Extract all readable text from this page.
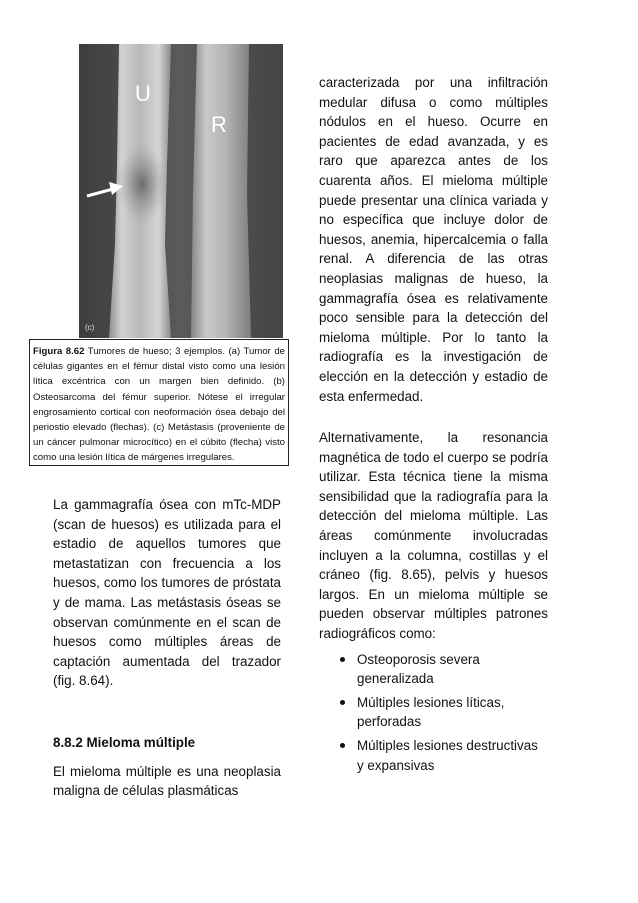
U
R
(c)
Figura 8.62 Tumores de hueso; 3 ejemplos. (a) Tumor de células gigantes en el fémur distal visto como una lesión lítica excéntrica con un margen bien definido. (b) Osteosarcoma del fémur superior. Nótese el irregular engrosamiento cortical con neoformación ósea debajo del periostio elevado (flechas). (c) Metástasis (proveniente de un cáncer pulmonar microcítico) en el cúbito (flecha) visto como una lesión lítica de márgenes irregulares.

La gammagrafía ósea con mTc-MDP (scan de huesos) es utilizada para el estadio de aquellos tumores que metastatizan con frecuencia a los huesos, como los tumores de próstata y de mama. Las metástasis óseas se observan comúnmente en el scan de huesos como múltiples áreas de captación aumentada del trazador (fig. 8.64).

8.8.2 Mieloma múltiple

El mieloma múltiple es una neoplasia maligna de células plasmáticas

caracterizada por una infiltración medular difusa o como múltiples nódulos en el hueso. Ocurre en pacientes de edad avanzada, y es raro que aparezca antes de los cuarenta años. El mieloma múltiple puede presentar una clínica variada y no específica que incluye dolor de huesos, anemia, hipercalcemia o falla renal. A diferencia de las otras neoplasias malignas de hueso, la gammagrafía ósea es relativamente poco sensible para la detección del mieloma múltiple. Por lo tanto la radiografía es la investigación de elección en la detección y estadio de esta enfermedad.

Alternativamente, la resonancia magnética de todo el cuerpo se podría utilizar. Esta técnica tiene la misma sensibilidad que la radiografía para la detección del mieloma múltiple. Las áreas comúnmente involucradas incluyen a la columna, costillas y el cráneo (fig. 8.65), pelvis y huesos largos. En un mieloma múltiple se pueden observar múltiples patrones radiográficos como:

Osteoporosis severa generalizada
Múltiples lesiones líticas, perforadas
Múltiples lesiones destructivas y expansivas
